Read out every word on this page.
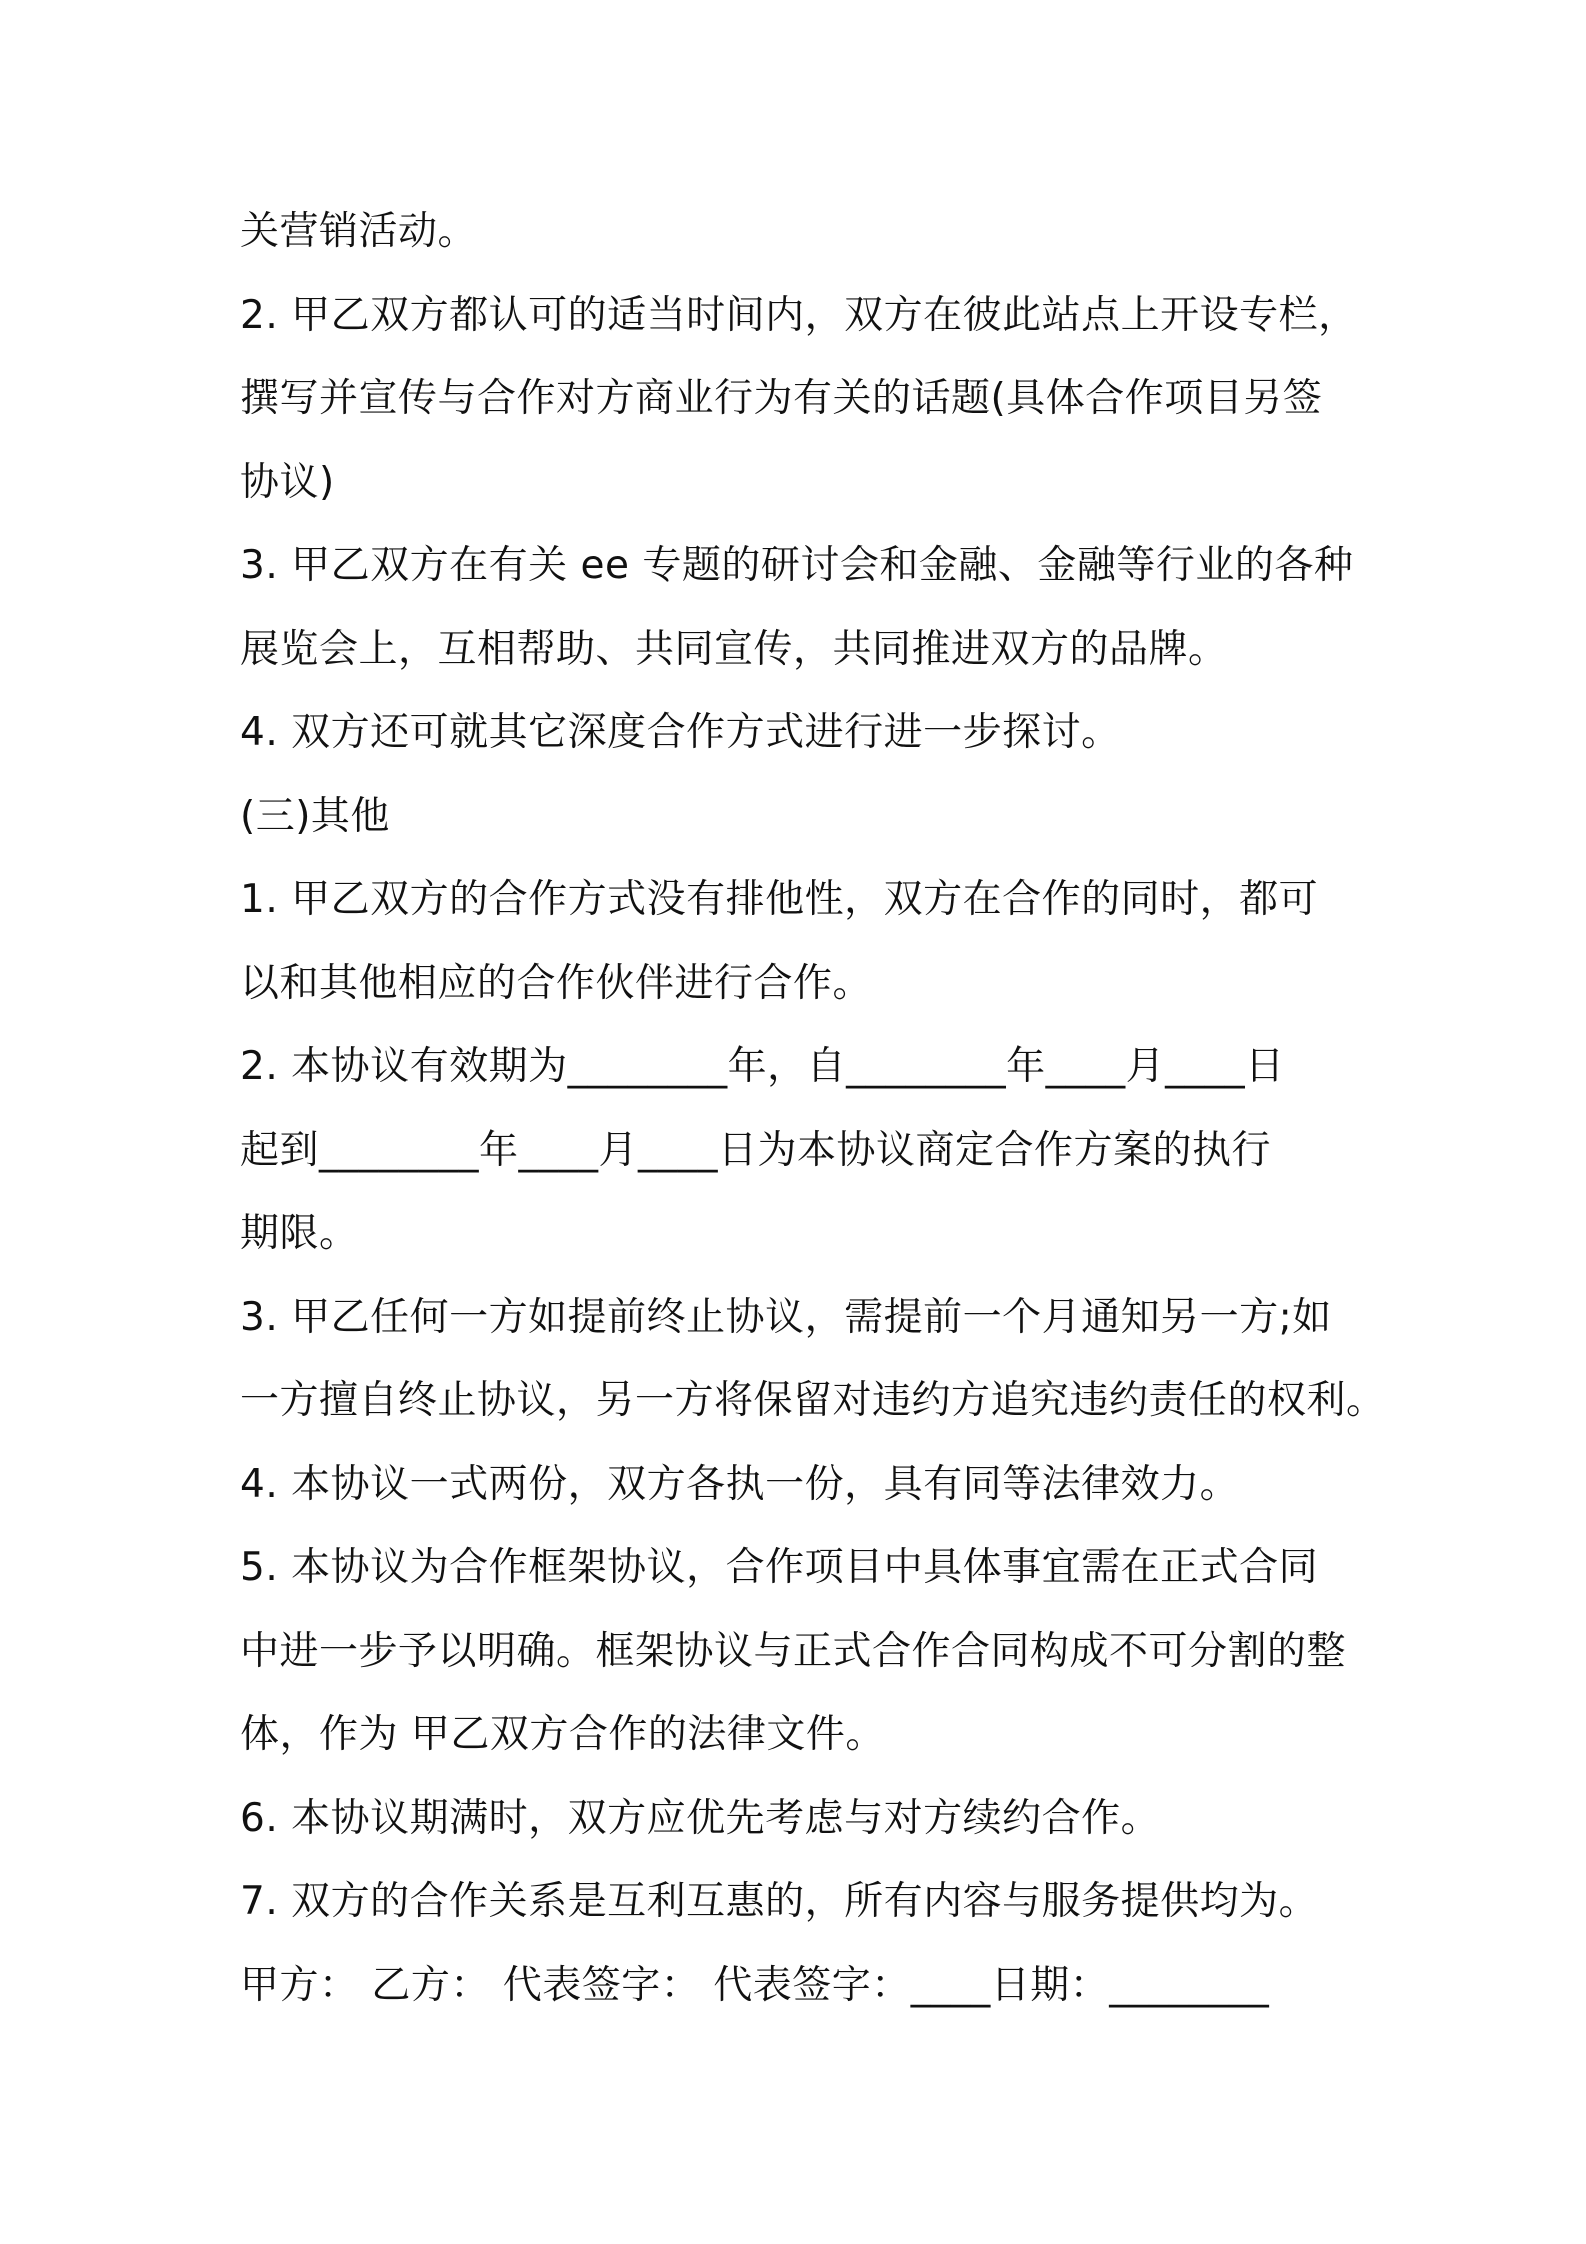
关营销活动。
2. 甲乙双方都认可的适当时间内，双方在彼此站点上开设专栏，
撰写并宣传与合作对方商业行为有关的话题(具体合作项目另签
协议)
3. 甲乙双方在有关 ee 专题的研讨会和金融、金融等行业的各种
展览会上，互相帮助、共同宣传，共同推进双方的品牌。
4. 双方还可就其它深度合作方式进行进一步探讨。
(三)其他
1. 甲乙双方的合作方式没有排他性，双方在合作的同时，都可
以和其他相应的合作伙伴进行合作。
2. 本协议有效期为________年，自________年____月____日
起到________年____月____日为本协议商定合作方案的执行
期限。
3. 甲乙任何一方如提前终止协议，需提前一个月通知另一方;如
一方擅自终止协议，另一方将保留对违约方追究违约责任的权利。
4. 本协议一式两份，双方各执一份，具有同等法律效力。
5. 本协议为合作框架协议，合作项目中具体事宜需在正式合同
中进一步予以明确。框架协议与正式合作合同构成不可分割的整
体，作为 甲乙双方合作的法律文件。
6. 本协议期满时，双方应优先考虑与对方续约合作。
7. 双方的合作关系是互利互惠的，所有内容与服务提供均为。
甲方： 乙方： 代表签字： 代表签字：____日期：________
